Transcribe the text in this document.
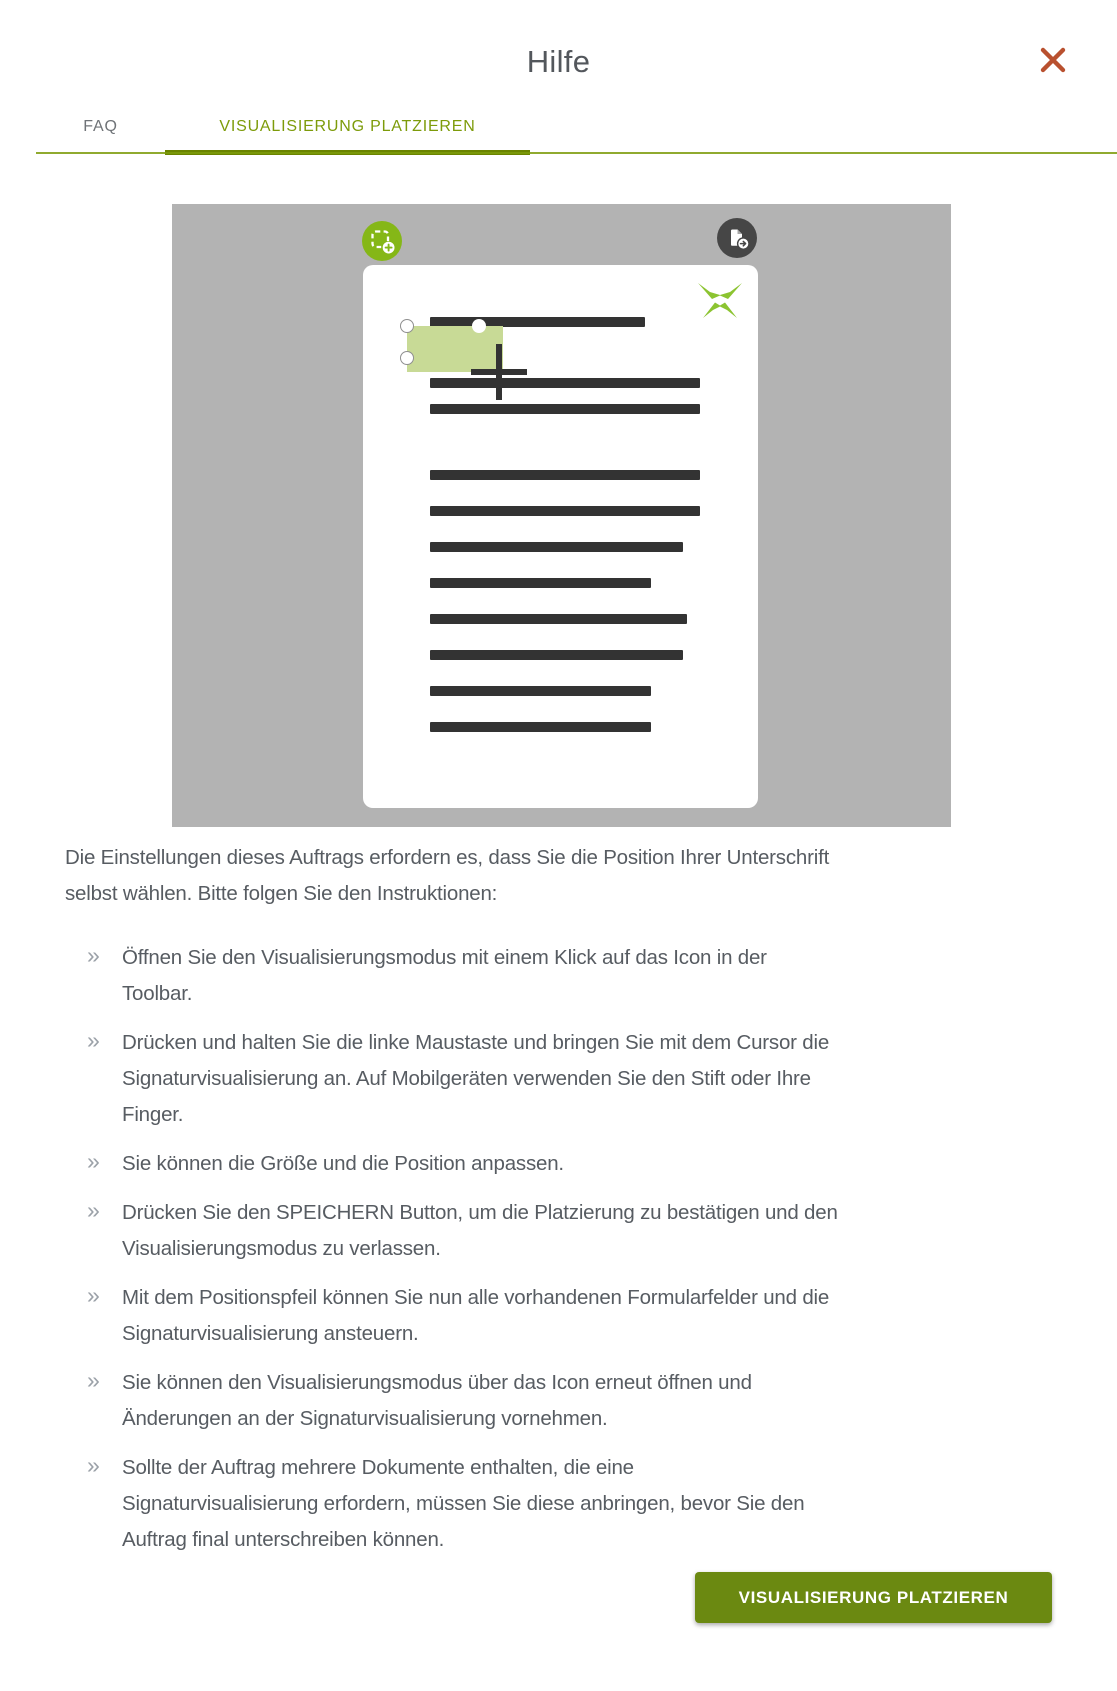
Hilfe
FAQ	VISUALISIERUNG PLATZIEREN
Die Einstellungen dieses Auftrags erfordern es, dass Sie die Position Ihrer Unterschrift
selbst wählen. Bitte folgen Sie den Instruktionen:
» Öffnen Sie den Visualisierungsmodus mit einem Klick auf das Icon in der
Toolbar.
» Drücken und halten Sie die linke Maustaste und bringen Sie mit dem Cursor die
Signaturvisualisierung an. Auf Mobilgeräten verwenden Sie den Stift oder Ihre
Finger.
» Sie können die Größe und die Position anpassen.
» Drücken Sie den SPEICHERN Button, um die Platzierung zu bestätigen und den
Visualisierungsmodus zu verlassen.
» Mit dem Positionspfeil können Sie nun alle vorhandenen Formularfelder und die
Signaturvisualisierung ansteuern.
» Sie können den Visualisierungsmodus über das Icon erneut öffnen und
Änderungen an der Signaturvisualisierung vornehmen.
» Sollte der Auftrag mehrere Dokumente enthalten, die eine
Signaturvisualisierung erfordern, müssen Sie diese anbringen, bevor Sie den
Auftrag final unterschreiben können.
VISUALISIERUNG PLATZIEREN
